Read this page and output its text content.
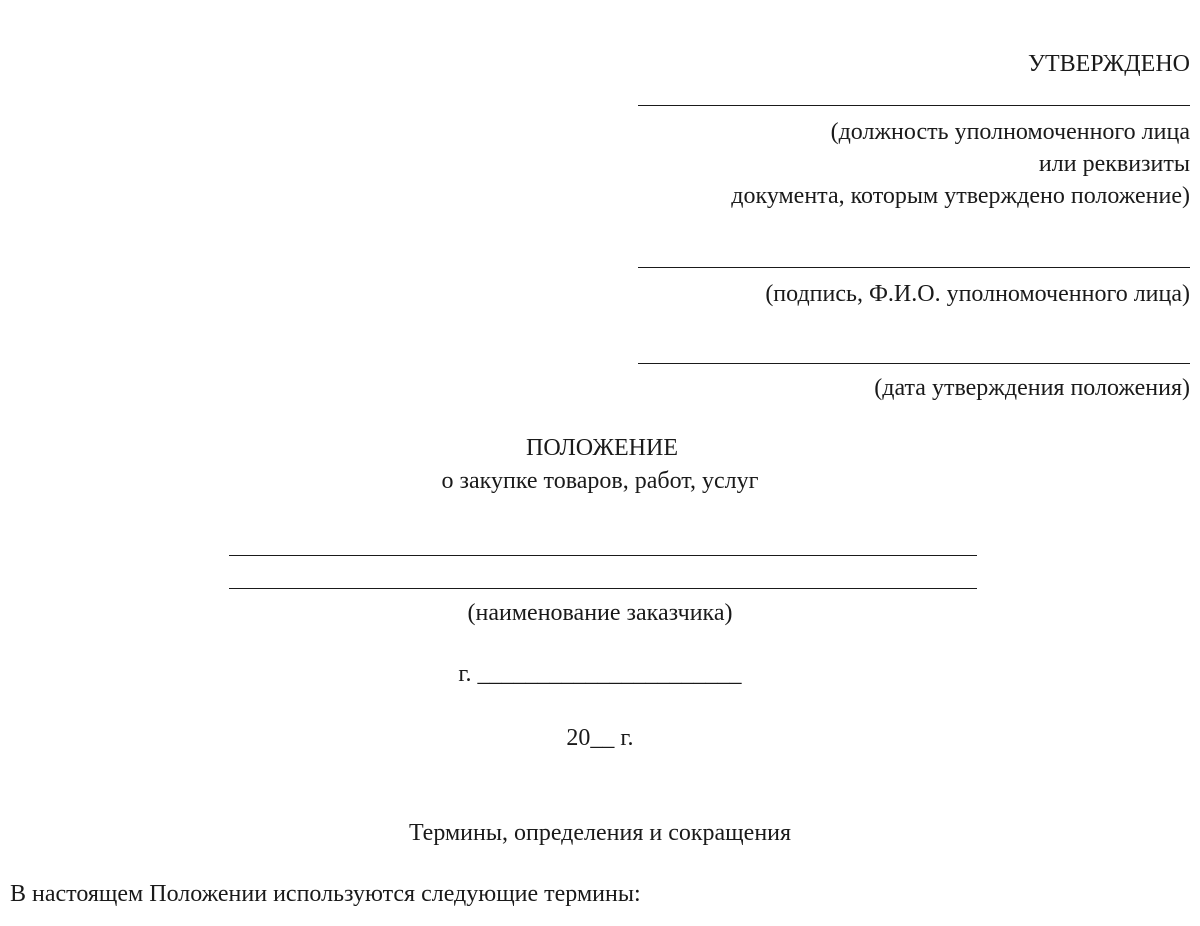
УТВЕРЖДЕНО
(должность уполномоченного лица
или реквизиты
документа, которым утверждено положение)
(подпись, Ф.И.О. уполномоченного лица)
(дата утверждения положения)
ПОЛОЖЕНИЕ
о закупке товаров, работ, услуг
(наименование заказчика)
г. ______________________
20__ г.
Термины, определения и сокращения
В настоящем Положении используются следующие термины:
